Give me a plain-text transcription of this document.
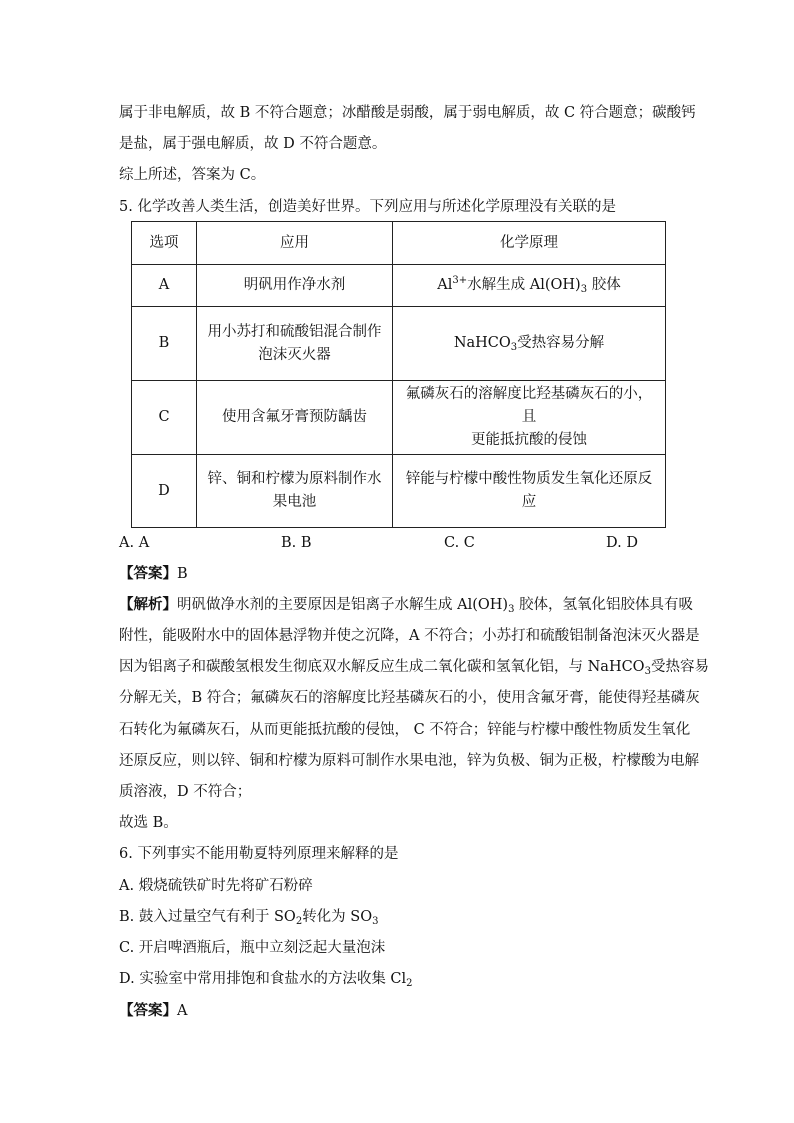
属于非电解质，故 B 不符合题意；冰醋酸是弱酸，属于弱电解质，故 C 符合题意；碳酸钙
是盐，属于强电解质，故 D 不符合题意。
综上所述，答案为 C。
5. 化学改善人类生活，创造美好世界。下列应用与所述化学原理没有关联的是
选项	应用	化学原理
A	明矾用作净水剂	$Al^{3+}$水解生成 $Al(OH)_3$ 胶体
B	用小苏打和硫酸铝混合制作
泡沫灭火器	NaHCO$_3$受热容易分解
C	使用含氟牙膏预防龋齿	氟磷灰石的溶解度比羟基磷灰石的小，且
更能抵抗酸的侵蚀

D	锌、铜和柠檬为原料制作水
果电池	锌能与柠檬中酸性物质发生氧化还原反应
A. A	B. B	C. C	D. D
【答案】B
【解析】明矾做净水剂的主要原因是铝离子水解生成 $Al(OH)_3$ 胶体，氢氧化铝胶体具有吸
附性，能吸附水中的固体悬浮物并使之沉降，A 不符合；小苏打和硫酸铝制备泡沫灭火器是
因为铝离子和碳酸氢根发生彻底双水解反应生成二氧化碳和氢氧化铝，与 NaHCO$_3$受热容易
分解无关，B 符合；氟磷灰石的溶解度比羟基磷灰石的小，使用含氟牙膏，能使得羟基磷灰
石转化为氟磷灰石，从而更能抵抗酸的侵蚀， C 不符合；锌能与柠檬中酸性物质发生氧化
还原反应，则以锌、铜和柠檬为原料可制作水果电池，锌为负极、铜为正极，柠檬酸为电解
质溶液，D 不符合；
故选 B。
6. 下列事实不能用勒夏特列原理来解释的是
A. 煅烧硫铁矿时先将矿石粉碎
B. 鼓入过量空气有利于 $SO_2$转化为 $SO_3$
C. 开启啤酒瓶后，瓶中立刻泛起大量泡沫
D. 实验室中常用排饱和食盐水的方法收集 $Cl_2$
【答案】A
